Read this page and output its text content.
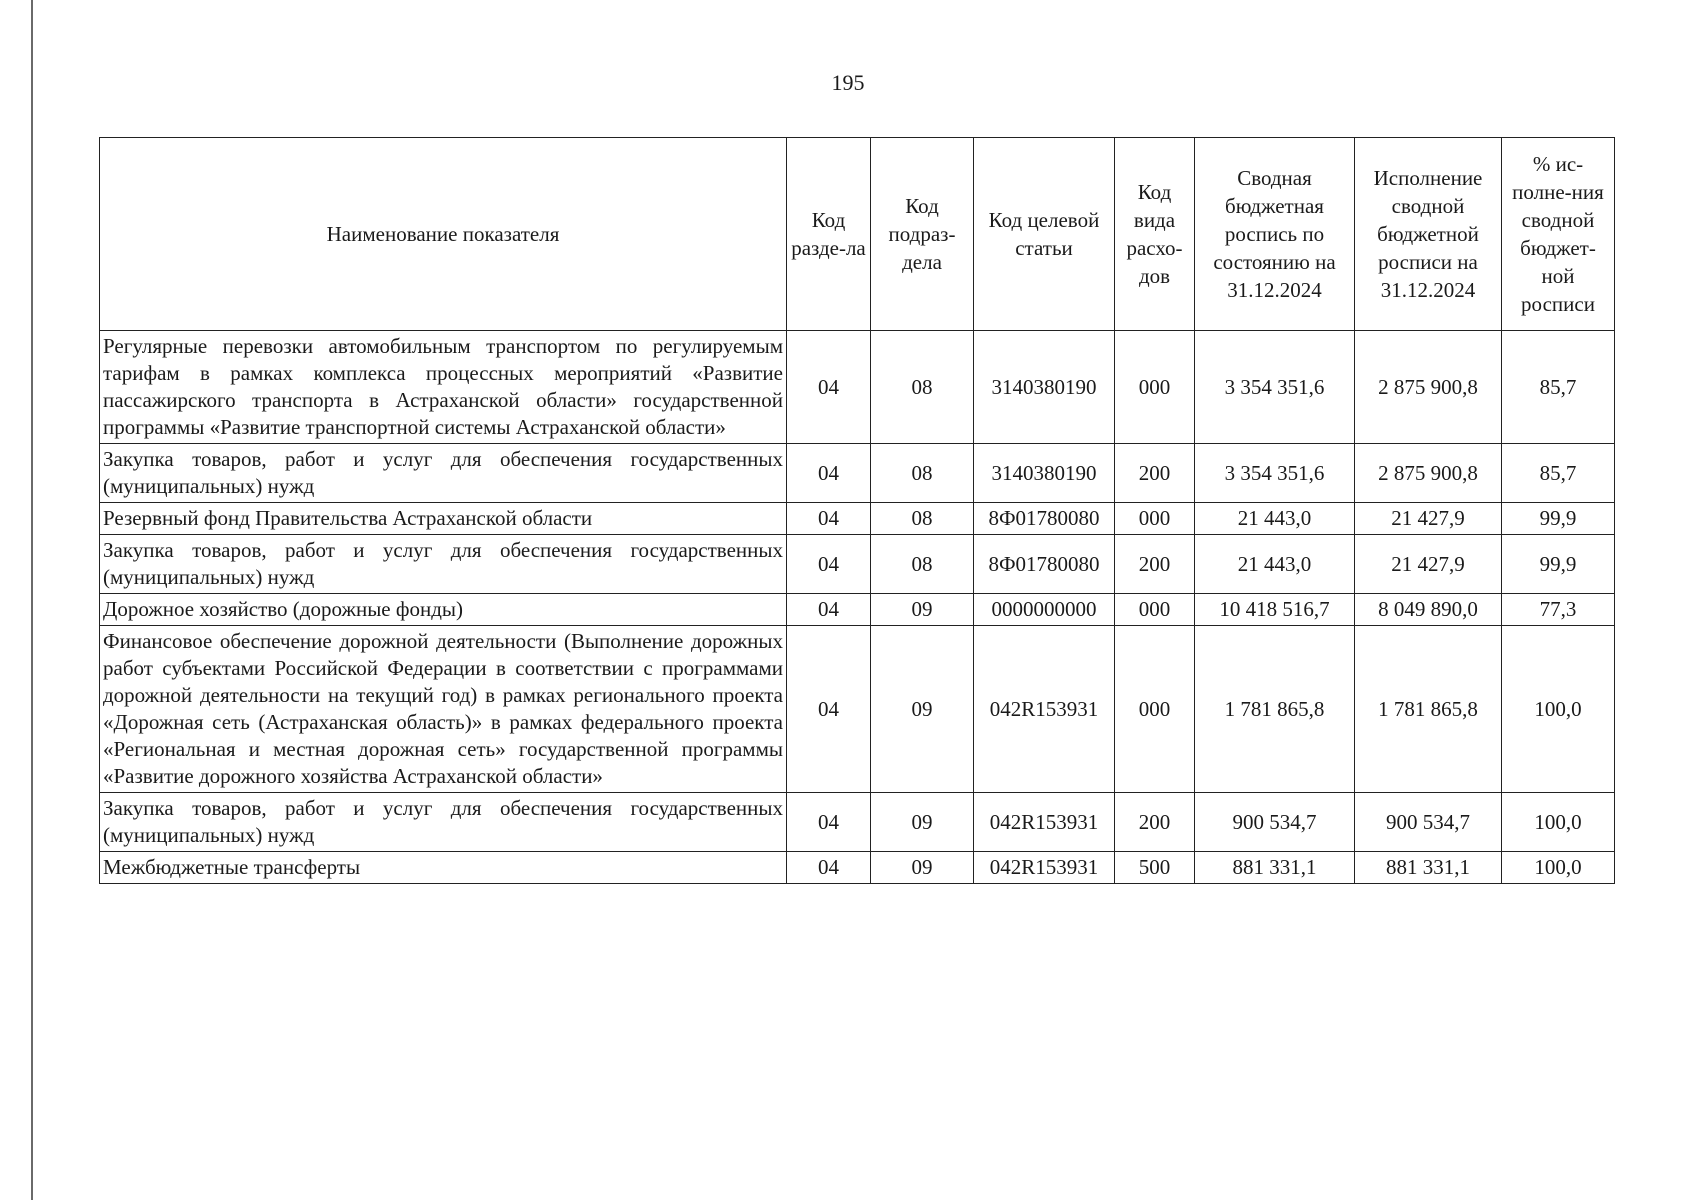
195
Наименование показателя	Код разде-ла	Код подраз-дела	Код целевой статьи	Код вида расхо-дов	Сводная бюджетная роспись по состоянию на 31.12.2024	Исполнение сводной бюджетной росписи на 31.12.2024	% ис-полне-ния сводной бюджет-ной росписи
Регулярные перевозки автомобильным транспортом по регулируемым тарифам в рамках комплекса процессных мероприятий «Развитие пассажирского транспорта в Астраханской области» государственной программы «Развитие транспортной системы Астраханской области»	04	08	3140380190	000	3 354 351,6	2 875 900,8	85,7
Закупка товаров, работ и услуг для обеспечения государственных (муниципальных) нужд	04	08	3140380190	200	3 354 351,6	2 875 900,8	85,7
Резервный фонд Правительства Астраханской области	04	08	8Ф01780080	000	21 443,0	21 427,9	99,9
Закупка товаров, работ и услуг для обеспечения государственных (муниципальных) нужд	04	08	8Ф01780080	200	21 443,0	21 427,9	99,9
Дорожное хозяйство (дорожные фонды)	04	09	0000000000	000	10 418 516,7	8 049 890,0	77,3
Финансовое обеспечение дорожной деятельности (Выполнение дорожных работ субъектами Российской Федерации в соответствии с программами дорожной деятельности на текущий год) в рамках регионального проекта «Дорожная сеть (Астраханская область)» в рамках федерального проекта «Региональная и местная дорожная сеть» государственной программы «Развитие дорожного хозяйства Астраханской области»	04	09	042R153931	000	1 781 865,8	1 781 865,8	100,0
Закупка товаров, работ и услуг для обеспечения государственных (муниципальных) нужд	04	09	042R153931	200	900 534,7	900 534,7	100,0
Межбюджетные трансферты	04	09	042R153931	500	881 331,1	881 331,1	100,0
